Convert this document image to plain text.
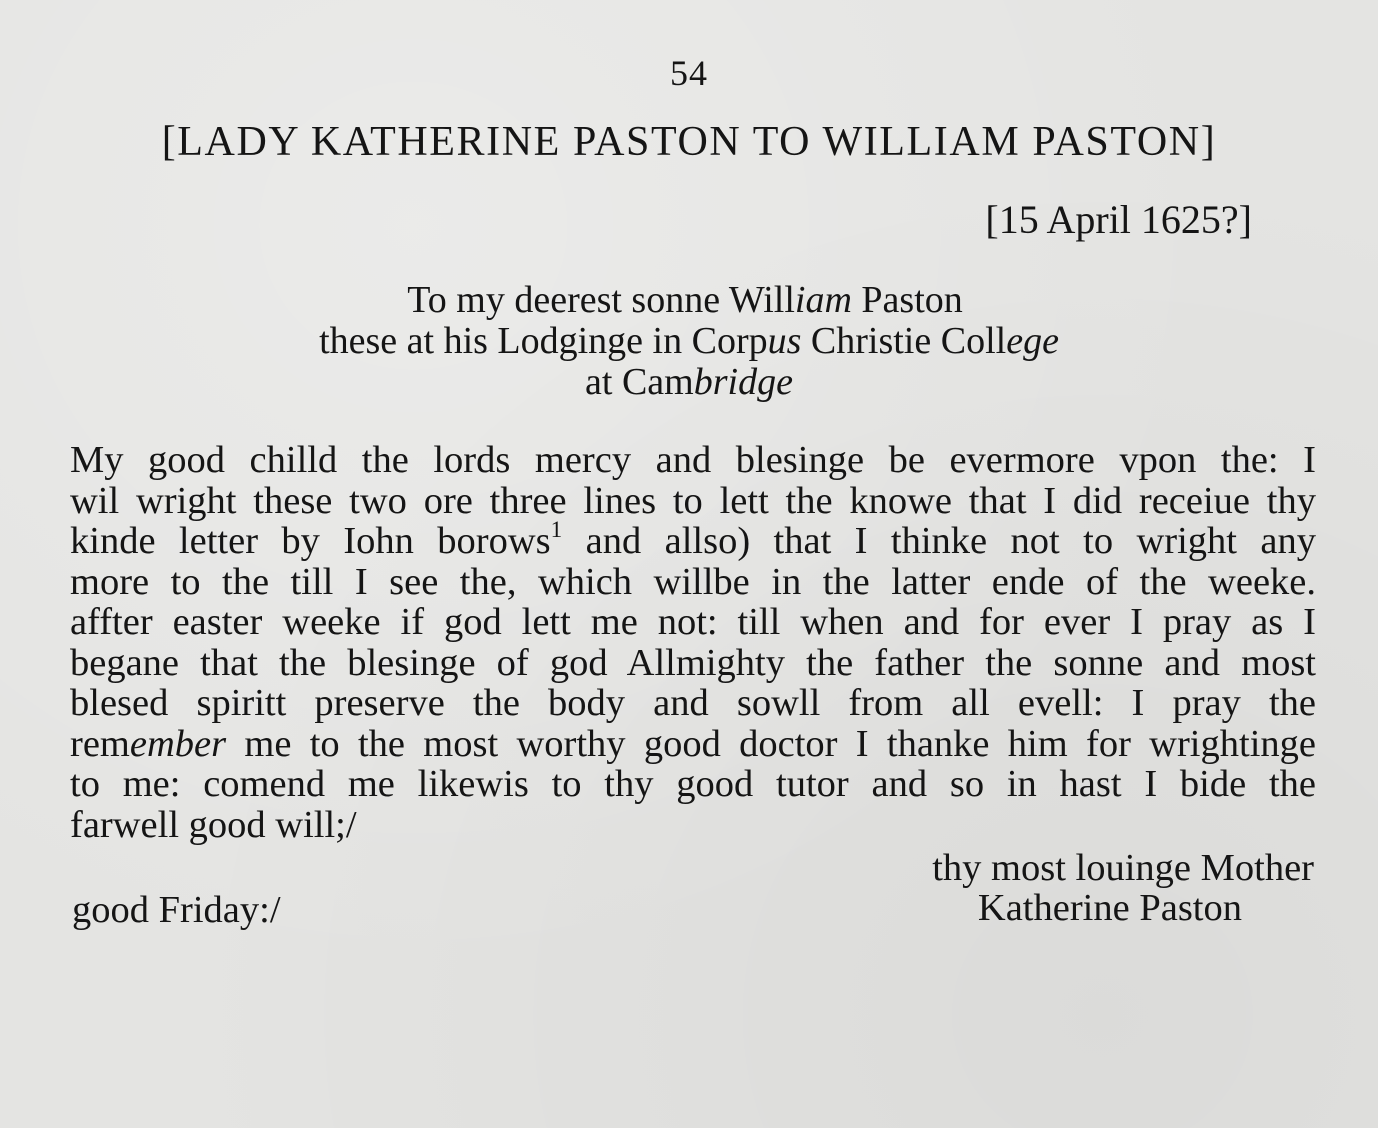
54
[LADY KATHERINE PASTON TO WILLIAM PASTON]
[15 April 1625?]
To my deerest sonne William Paston
these at his Lodginge in Corpus Christie College
at Cambridge
My good chilld the lords mercy and blesinge be evermore vpon the: I
wil wright these two ore three lines to lett the knowe that I did receiue thy
kinde letter by Iohn borows$^1$ and allso) that I thinke not to wright any
more to the till I see the, which willbe in the latter ende of the weeke.
affter easter weeke if god lett me not: till when and for ever I pray as I
begane that the blesinge of god Allmighty the father the sonne and most
blesed spiritt preserve the body and sowll from all evell: I pray the
remember me to the most worthy good doctor I thanke him for wrightinge
to me: comend me likewis to thy good tutor and so in hast I bide the
farwell good will;/
thy most louinge Mother
good Friday:/	Katherine Paston
